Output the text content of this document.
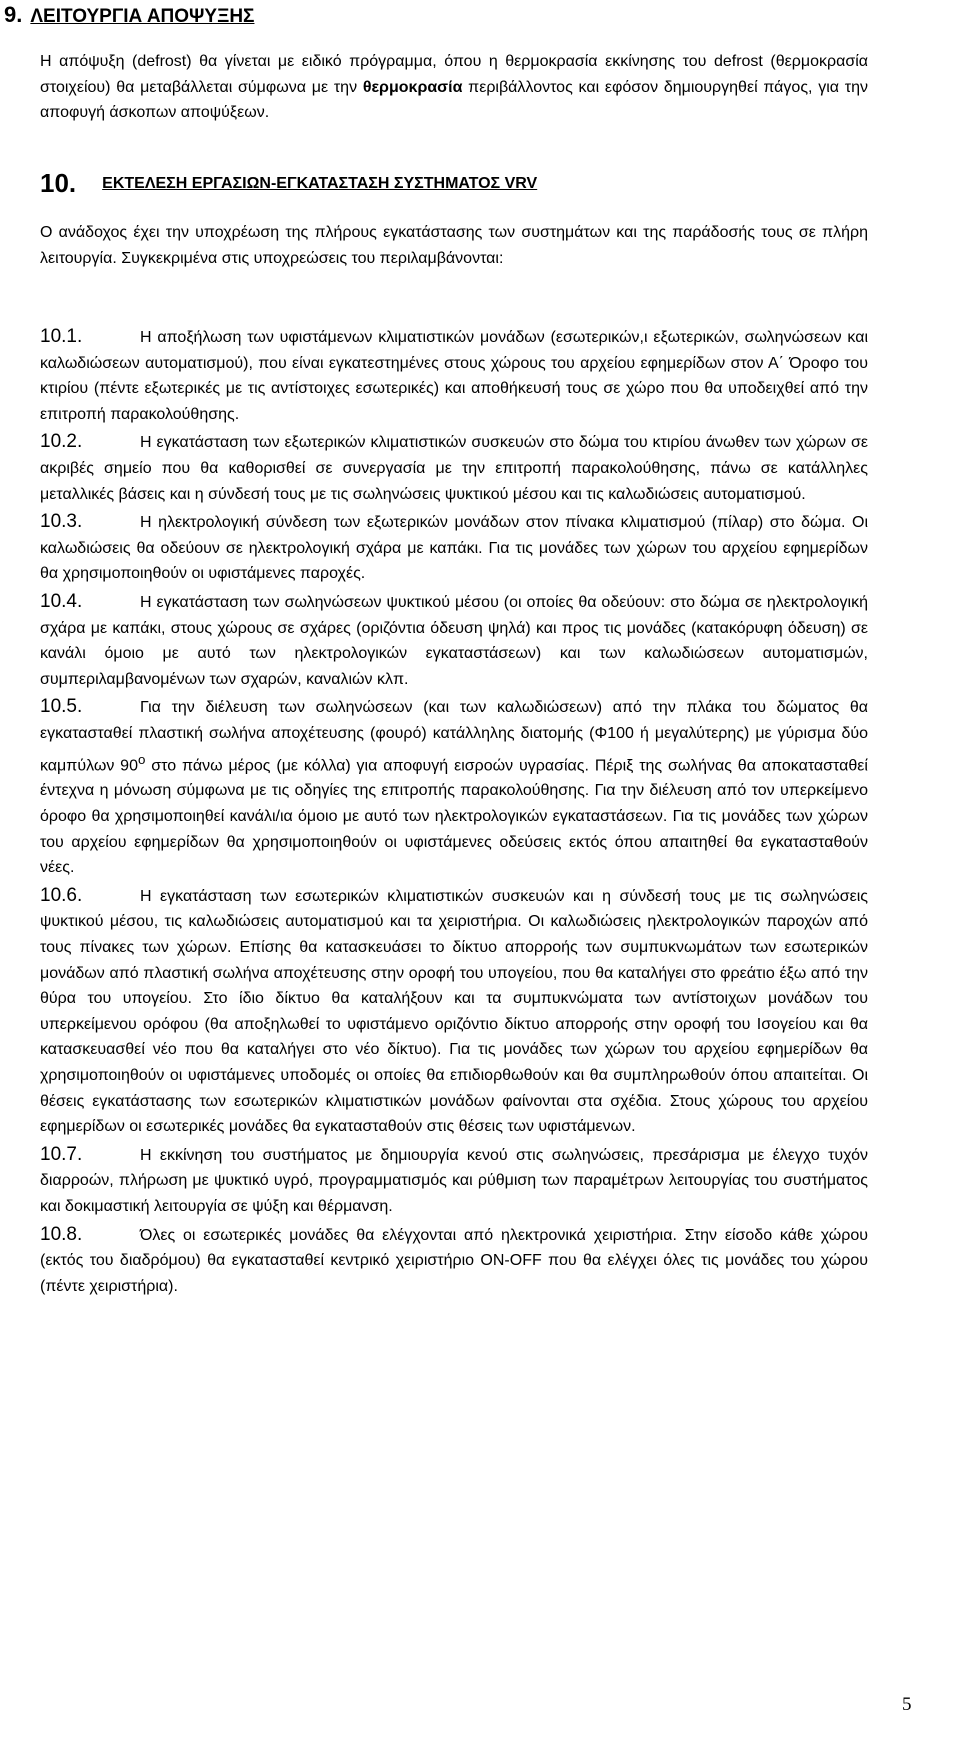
9. ΛΕΙΤΟΥΡΓΙΑ ΑΠΟΨΥΞΗΣ
Η απόψυξη (defrost) θα γίνεται με ειδικό πρόγραμμα, όπου η θερμοκρασία εκκίνησης του defrost (θερμοκρασία στοιχείου) θα μεταβάλλεται σύμφωνα με την θερμοκρασία περιβάλλοντος και εφόσον δημιουργηθεί πάγος, για την αποφυγή άσκοπων αποψύξεων.
10. ΕΚΤΕΛΕΣΗ ΕΡΓΑΣΙΩΝ-ΕΓΚΑΤΑΣΤΑΣΗ ΣΥΣΤΗΜΑΤΟΣ VRV
Ο ανάδοχος έχει την υποχρέωση της πλήρους εγκατάστασης των συστημάτων και της παράδοσής τους σε πλήρη λειτουργία. Συγκεκριμένα στις υποχρεώσεις του περιλαμβάνονται:
10.1.	Η αποξήλωση των υφιστάμενων κλιματιστικών μονάδων (εσωτερικών,ι εξωτερικών, σωληνώσεων και καλωδιώσεων αυτοματισμού), που είναι εγκατεστημένες στους χώρους του αρχείου εφημερίδων στον Α΄ Όροφο του κτιρίου (πέντε εξωτερικές με τις αντίστοιχες εσωτερικές) και αποθήκευσή τους σε χώρο που θα υποδειχθεί από την επιτροπή παρακολούθησης.
10.2.	Η εγκατάσταση των εξωτερικών κλιματιστικών συσκευών στο δώμα του κτιρίου άνωθεν των χώρων σε ακριβές σημείο που θα καθορισθεί σε συνεργασία με την επιτροπή παρακολούθησης, πάνω σε κατάλληλες μεταλλικές βάσεις και η σύνδεσή τους με τις σωληνώσεις ψυκτικού μέσου και τις καλωδιώσεις αυτοματισμού.
10.3.	Η ηλεκτρολογική σύνδεση των εξωτερικών μονάδων στον πίνακα κλιματισμού (πίλαρ) στο δώμα. Οι καλωδιώσεις θα οδεύουν σε ηλεκτρολογική σχάρα με καπάκι. Για τις μονάδες των χώρων του αρχείου εφημερίδων θα χρησιμοποιηθούν οι υφιστάμενες παροχές.
10.4.	Η εγκατάσταση των σωληνώσεων ψυκτικού μέσου (οι οποίες θα οδεύουν: στο δώμα σε ηλεκτρολογική σχάρα με καπάκι, στους χώρους σε σχάρες (οριζόντια όδευση ψηλά) και προς τις μονάδες (κατακόρυφη όδευση) σε κανάλι όμοιο με αυτό των ηλεκτρολογικών εγκαταστάσεων) και των καλωδιώσεων αυτοματισμών, συμπεριλαμβανομένων των σχαρών, καναλιών κλπ.
10.5.	Για την διέλευση των σωληνώσεων (και των καλωδιώσεων) από την πλάκα του δώματος θα εγκατασταθεί πλαστική σωλήνα αποχέτευσης (φουρό) κατάλληλης διατομής (Φ100 ή μεγαλύτερης) με γύρισμα δύο καμπύλων $90^o$ στο πάνω μέρος (με κόλλα) για αποφυγή εισροών υγρασίας. Πέριξ της σωλήνας θα αποκατασταθεί έντεχνα η μόνωση σύμφωνα με τις οδηγίες της επιτροπής παρακολούθησης. Για την διέλευση από τον υπερκείμενο όροφο θα χρησιμοποιηθεί κανάλι/ια όμοιο με αυτό των ηλεκτρολογικών εγκαταστάσεων. Για τις μονάδες των χώρων του αρχείου εφημερίδων θα χρησιμοποιηθούν οι υφιστάμενες οδεύσεις εκτός όπου απαιτηθεί θα εγκατασταθούν νέες.
10.6.	Η εγκατάσταση των εσωτερικών κλιματιστικών συσκευών και η σύνδεσή τους με τις σωληνώσεις ψυκτικού μέσου, τις καλωδιώσεις αυτοματισμού και τα χειριστήρια. Οι καλωδιώσεις ηλεκτρολογικών παροχών από τους πίνακες των χώρων. Επίσης θα κατασκευάσει το δίκτυο απορροής των συμπυκνωμάτων των εσωτερικών μονάδων από πλαστική σωλήνα αποχέτευσης στην οροφή του υπογείου, που θα καταλήγει στο φρεάτιο έξω από την θύρα του υπογείου. Στο ίδιο δίκτυο θα καταλήξουν και τα συμπυκνώματα των αντίστοιχων μονάδων του υπερκείμενου ορόφου (θα αποξηλωθεί το υφιστάμενο οριζόντιο δίκτυο απορροής στην οροφή του Ισογείου και θα κατασκευασθεί νέο που θα καταλήγει στο νέο δίκτυο). Για τις μονάδες των χώρων του αρχείου εφημερίδων θα χρησιμοποιηθούν οι υφιστάμενες υποδομές οι οποίες θα επιδιορθωθούν και θα συμπληρωθούν όπου απαιτείται. Οι θέσεις εγκατάστασης των εσωτερικών κλιματιστικών μονάδων φαίνονται στα σχέδια. Στους χώρους του αρχείου εφημερίδων οι εσωτερικές μονάδες θα εγκατασταθούν στις θέσεις των υφιστάμενων.
10.7.	Η εκκίνηση του συστήματος με δημιουργία κενού στις σωληνώσεις, πρεσάρισμα με έλεγχο τυχόν διαρροών, πλήρωση με ψυκτικό υγρό, προγραμματισμός και ρύθμιση των παραμέτρων λειτουργίας του συστήματος και δοκιμαστική λειτουργία σε ψύξη και θέρμανση.
10.8.	Όλες οι εσωτερικές μονάδες θα ελέγχονται από ηλεκτρονικά χειριστήρια. Στην είσοδο κάθε χώρου (εκτός του διαδρόμου) θα εγκατασταθεί κεντρικό χειριστήριο ON-OFF που θα ελέγχει όλες τις μονάδες του χώρου (πέντε χειριστήρια).
5
